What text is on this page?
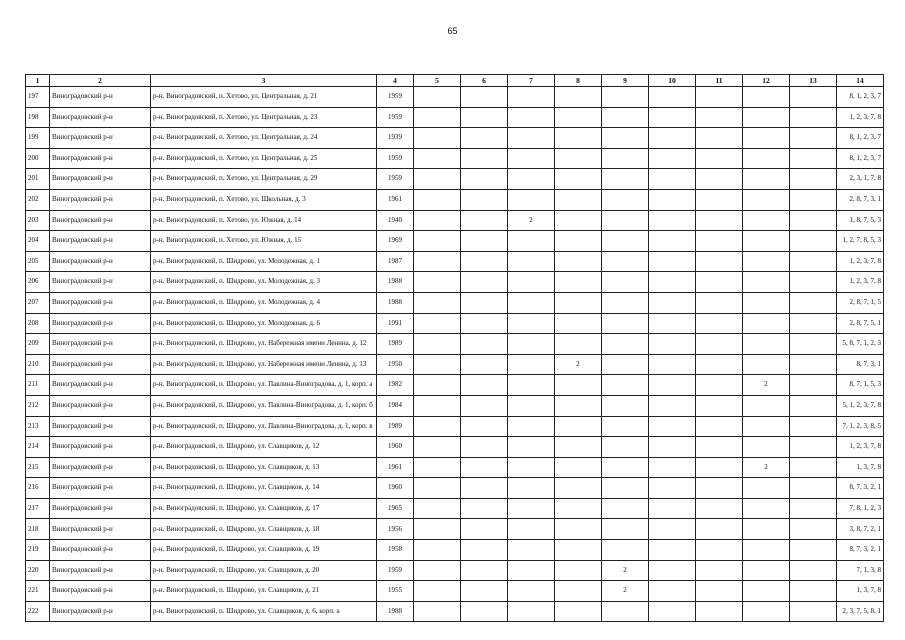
65
1	2	3	4	5	6	7	8	9	10	11	12	13	14
197	Виноградовский р-н	р-н. Виноградовский, п. Хетово, ул. Центральная, д. 21	1959										8, 1, 2, 3, 7
198	Виноградовский р-н	р-н. Виноградовский, п. Хетово, ул. Центральная, д. 23	1959										1, 2, 3, 7, 8
199	Виноградовский р-н	р-н. Виноградовский, п. Хетово, ул. Центральная, д. 24	1939										8, 1, 2, 3, 7
200	Виноградовский р-н	р-н. Виноградовский, п. Хетово, ул. Центральная, д. 25	1959										8, 1, 2, 3, 7
201	Виноградовский р-н	р-н. Виноградовский, п. Хетово, ул. Центральная, д. 29	1959										2, 3, 1, 7, 8
202	Виноградовский р-н	р-н. Виноградовский, п. Хетово, ул. Школьная, д. 3	1961										2, 8, 7, 3, 1
203	Виноградовский р-н	р-н. Виноградовский, п. Хетово, ул. Южная, д. 14	1940			2							1, 8, 7, 5, 3
204	Виноградовский р-н	р-н. Виноградовский, п. Хетово, ул. Южная, д. 15	1969										1, 2, 7, 8, 5, 3
205	Виноградовский р-н	р-н. Виноградовский, п. Шидрово, ул. Молодежная, д. 1	1987										1, 2, 3, 7, 8
206	Виноградовский р-н	р-н. Виноградовский, п. Шидрово, ул. Молодежная, д. 3	1988										1, 2, 3, 7, 8
207	Виноградовский р-н	р-н. Виноградовский, п. Шидрово, ул. Молодежная, д. 4	1988										2, 8, 7, 1, 5
208	Виноградовский р-н	р-н. Виноградовский, п. Шидрово, ул. Молодежная, д. 6	1991										2, 8, 7, 5, 1
209	Виноградовский р-н	р-н. Виноградовский, п. Шидрово, ул. Набережная имени Ленина, д. 12	1989										5, 8, 7, 1, 2, 3
210	Виноградовский р-н	р-н. Виноградовский, п. Шидрово, ул. Набережная имени Ленина, д. 13	1950				2						8, 7, 3, 1
211	Виноградовский р-н	р-н. Виноградовский, п. Шидрово, ул. Павлина-Виноградова, д. 1, корп. а	1982								2		8, 7, 1, 5, 3
212	Виноградовский р-н	р-н. Виноградовский, п. Шидрово, ул. Павлина-Виноградова, д. 1, корп. б	1984										5, 1, 2, 3, 7, 8
213	Виноградовский р-н	р-н. Виноградовский, п. Шидрово, ул. Павлина-Виноградова, д. 1, корп. в	1989										7, 1, 2, 3, 8, 5
214	Виноградовский р-н	р-н. Виноградовский, п. Шидрово, ул. Славщиков, д. 12	1960										1, 2, 3, 7, 8
215	Виноградовский р-н	р-н. Виноградовский, п. Шидрово, ул. Славщиков, д. 13	1961								2		1, 3, 7, 8
216	Виноградовский р-н	р-н. Виноградовский, п. Шидрово, ул. Славщиков, д. 14	1960										8, 7, 3, 2, 1
217	Виноградовский р-н	р-н. Виноградовский, п. Шидрово, ул. Славщиков, д. 17	1965										7, 8, 1, 2, 3
218	Виноградовский р-н	р-н. Виноградовский, п. Шидрово, ул. Славщиков, д. 18	1956										3, 8, 7, 2, 1
219	Виноградовский р-н	р-н. Виноградовский, п. Шидрово, ул. Славщиков, д. 19	1958										8, 7, 3, 2, 1
220	Виноградовский р-н	р-н. Виноградовский, п. Шидрово, ул. Славщиков, д. 20	1959					2					7, 1, 3, 8
221	Виноградовский р-н	р-н. Виноградовский, п. Шидрово, ул. Славщиков, д. 21	1955					2					1, 3, 7, 8
222	Виноградовский р-н	р-н. Виноградовский, п. Шидрово, ул. Славщиков, д. 6, корп. а	1988										2, 3, 7, 5, 8, 1
